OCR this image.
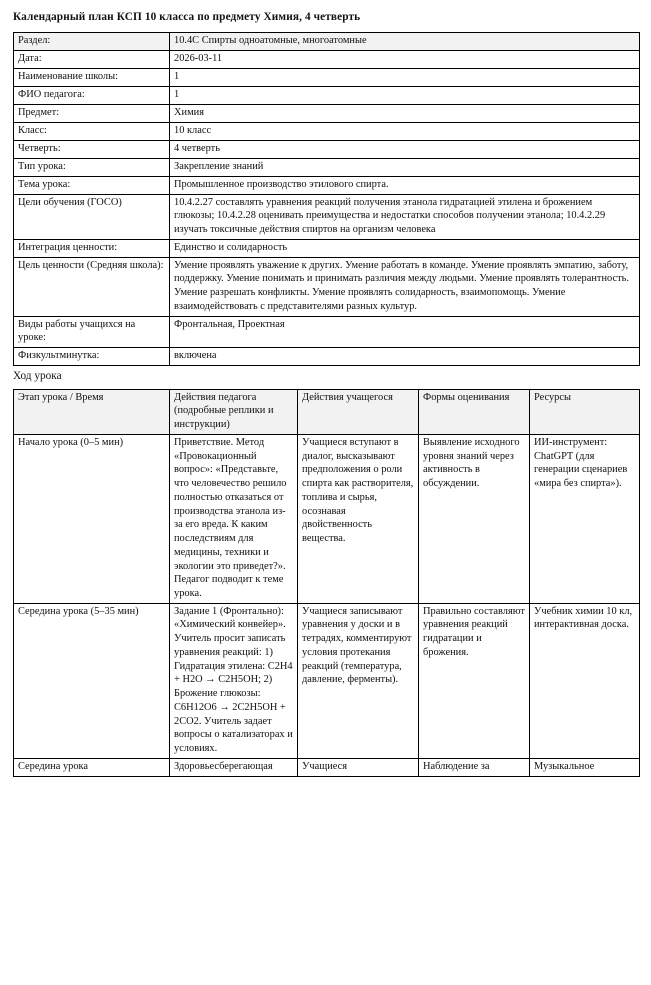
Календарный план КСП 10 класса по предмету Химия, 4 четверть
Раздел:	10.4С Спирты одноатомные, многоатомные
Дата:	2026-03-11
Наименование школы:	1
ФИО педагога:	1
Предмет:	Химия
Класс:	10 класс
Четверть:	4 четверть
Тип урока:	Закрепление знаний
Тема урока:	Промышленное производство этилового спирта.
Цели обучения (ГОСО)	10.4.2.27 составлять уравнения реакций получения этанола гидратацией этилена и брожением глюкозы; 10.4.2.28 оценивать преимущества и недостатки способов получении этанола; 10.4.2.29 изучать токсичные действия спиртов на организм человека
Интеграция ценности:	Единство и солидарность
Цель ценности (Средняя школа):	Умение проявлять уважение к других. Умение работать в команде. Умение проявлять эмпатию, заботу, поддержку. Умение понимать и принимать различия между людьми. Умение проявлять толерантность. Умение разрешать конфликты. Умение проявлять солидарность, взаимопомощь. Умение взаимодействовать с представителями разных культур.
Виды работы учащихся на уроке:	Фронтальная, Проектная
Физкультминутка:	включена
Ход урока
Этап урока / Время	Действия педагога (подробные реплики и инструкции)	Действия учащегося	Формы оценивания	Ресурсы
Начало урока (0–5 мин)	Приветствие. Метод «Провокационный вопрос»: «Представьте, что человечество решило полностью отказаться от производства этанола из-за его вреда. К каким последствиям для медицины, техники и экологии это приведет?». Педагог подводит к теме урока.	Учащиеся вступают в диалог, высказывают предположения о роли спирта как растворителя, топлива и сырья, осознавая двойственность вещества.	Выявление исходного уровня знаний через активность в обсуждении.	ИИ-инструмент: ChatGPT (для генерации сценариев «мира без спирта»).
Середина урока (5–35 мин)	Задание 1 (Фронтально): «Химический конвейер». Учитель просит записать уравнения реакций: 1) Гидратация этилена: C2H4 + H2O → C2H5OH; 2) Брожение глюкозы: C6H12O6 → 2C2H5OH + 2CO2. Учитель задает вопросы о катализаторах и условиях.	Учащиеся записывают уравнения у доски и в тетрадях, комментируют условия протекания реакций (температура, давление, ферменты).	Правильно составляют уравнения реакций гидратации и брожения.	Учебник химии 10 кл, интерактивная доска.
Середина урока	Здоровьесберегающая	Учащиеся	Наблюдение за	Музыкальное
